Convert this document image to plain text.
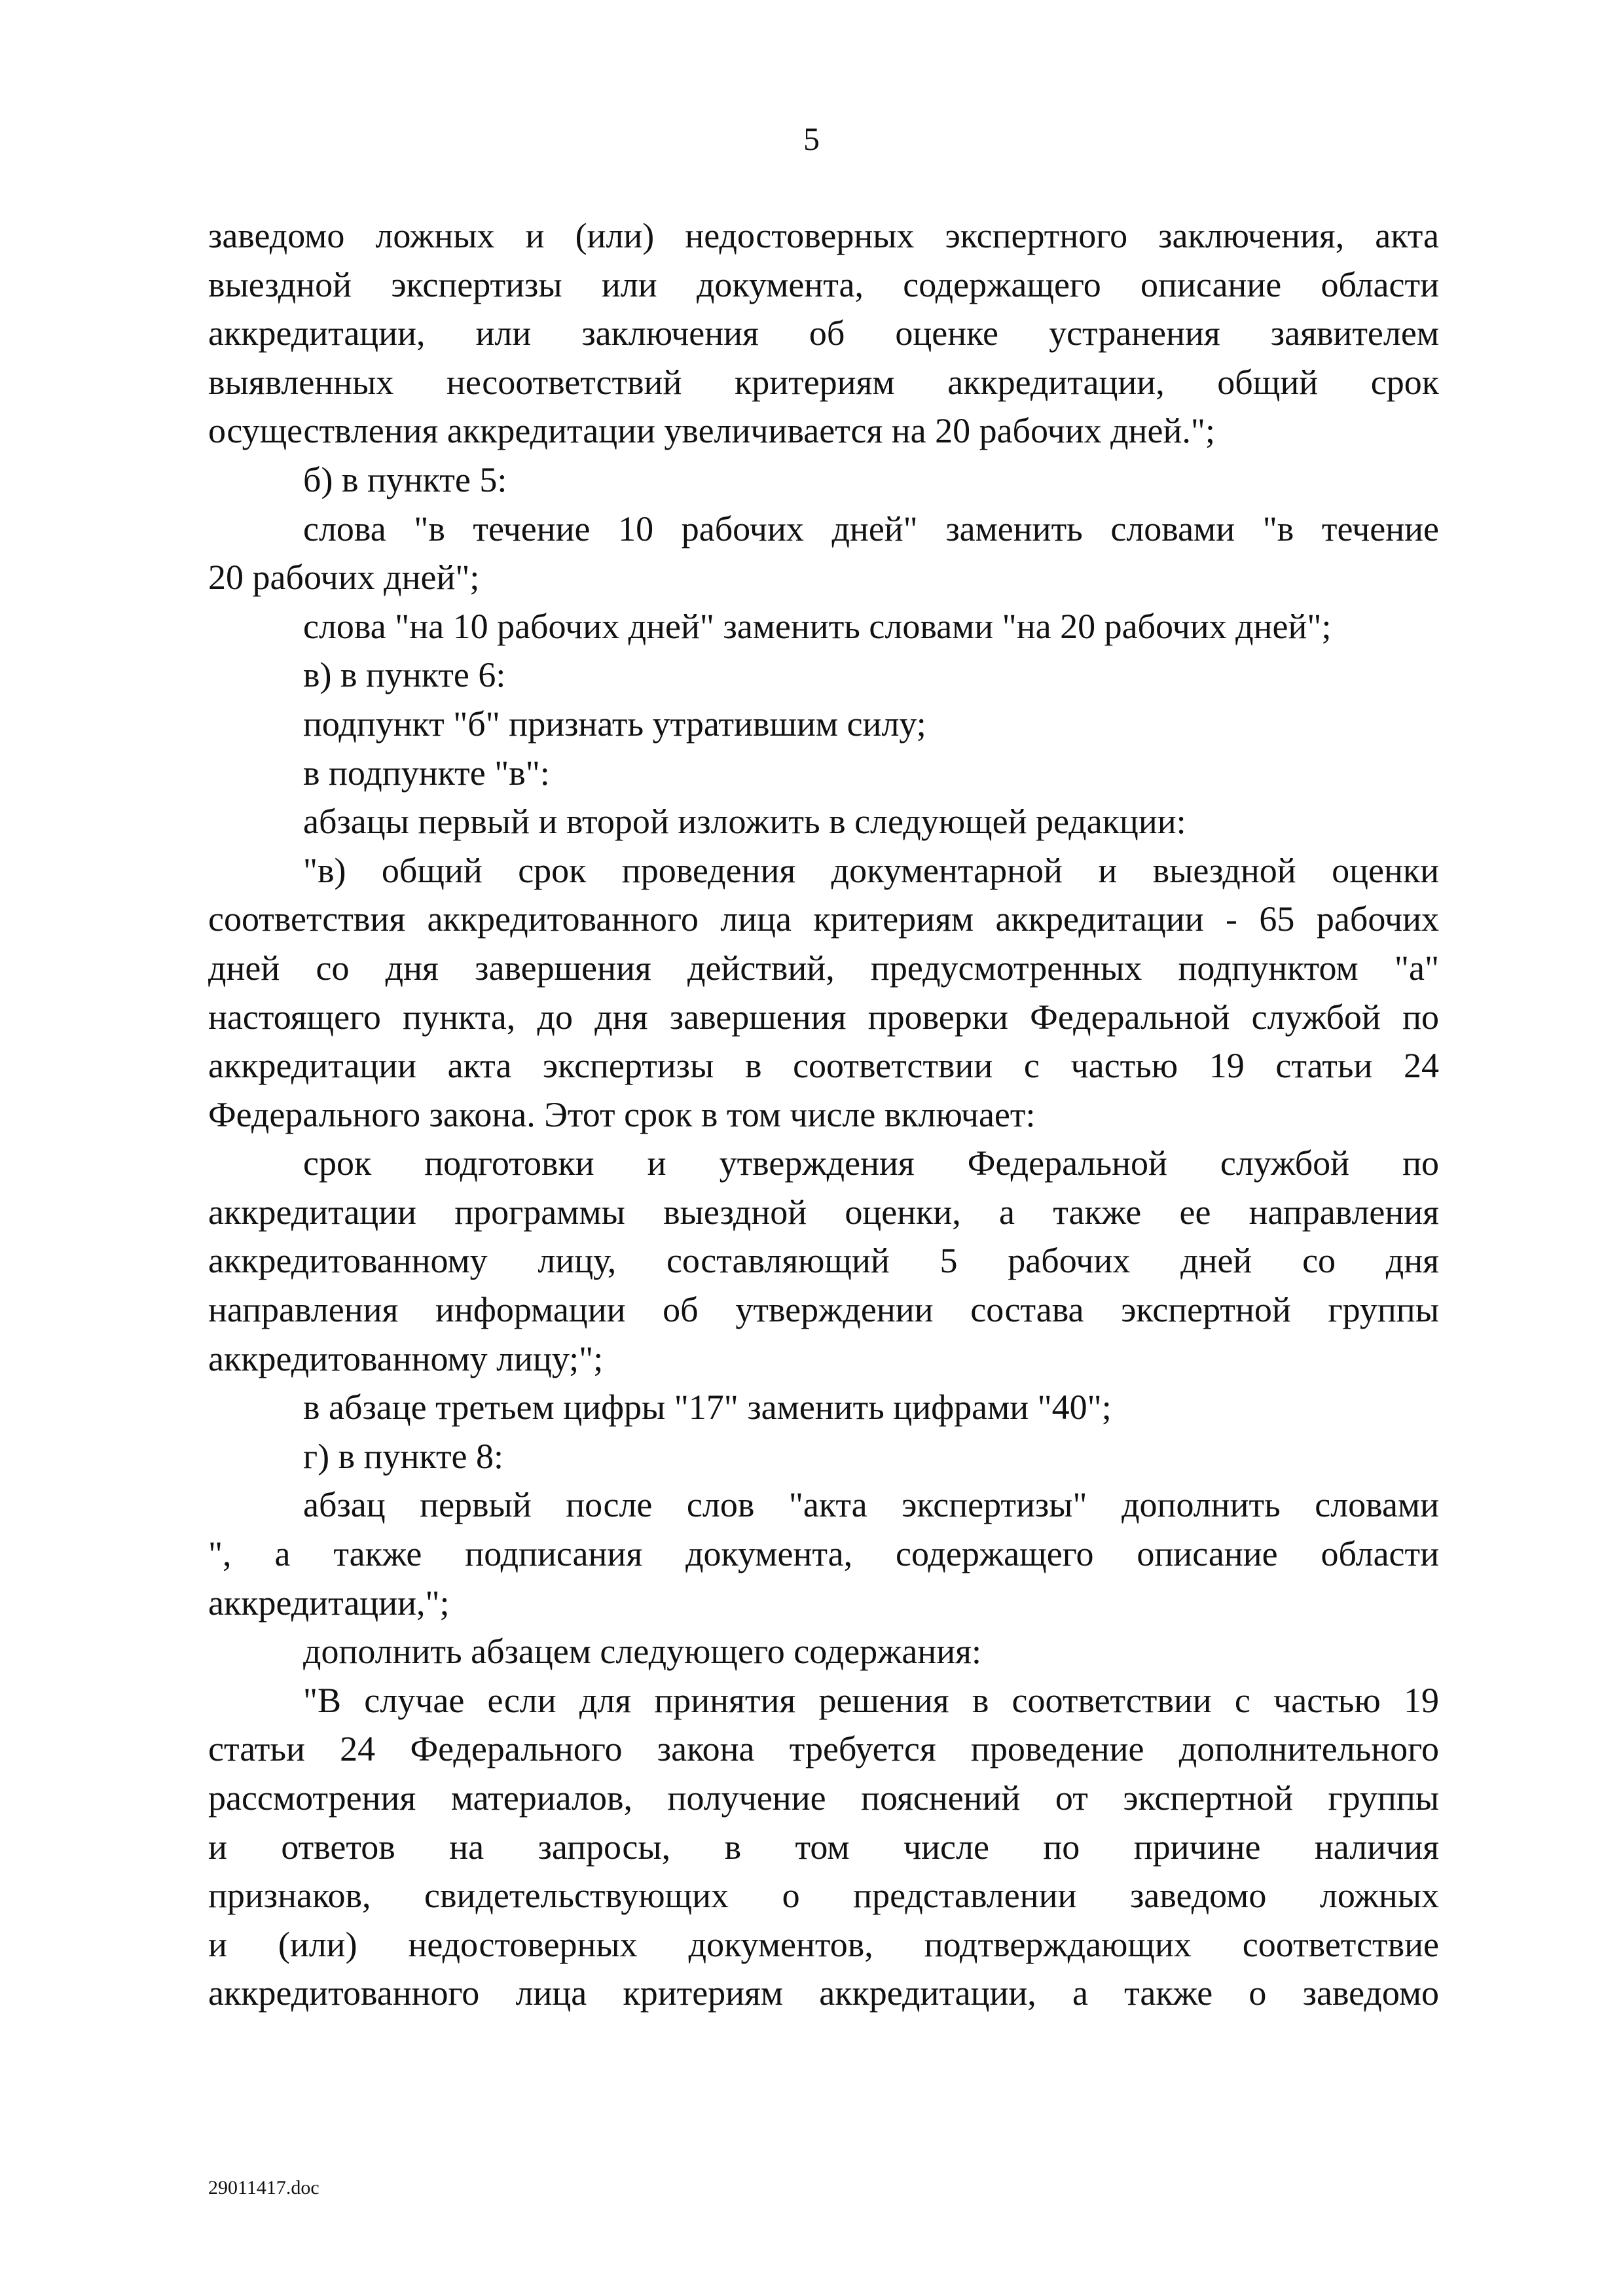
5
заведомо ложных и (или) недостоверных экспертного заключения, акта
выездной экспертизы или документа, содержащего описание области
аккредитации, или заключения об оценке устранения заявителем
выявленных несоответствий критериям аккредитации, общий срок
осуществления аккредитации увеличивается на 20 рабочих дней.";
б) в пункте 5:
слова "в течение 10 рабочих дней" заменить словами "в течение
20 рабочих дней";
слова "на 10 рабочих дней" заменить словами "на 20 рабочих дней";
в) в пункте 6:
подпункт "б" признать утратившим силу;
в подпункте "в":
абзацы первый и второй изложить в следующей редакции:
"в) общий срок проведения документарной и выездной оценки
соответствия аккредитованного лица критериям аккредитации - 65 рабочих
дней со дня завершения действий, предусмотренных подпунктом "а"
настоящего пункта, до дня завершения проверки Федеральной службой по
аккредитации акта экспертизы в соответствии с частью 19 статьи 24
Федерального закона. Этот срок в том числе включает:
срок подготовки и утверждения Федеральной службой по
аккредитации программы выездной оценки, а также ее направления
аккредитованному лицу, составляющий 5 рабочих дней со дня
направления информации об утверждении состава экспертной группы
аккредитованному лицу;";
в абзаце третьем цифры "17" заменить цифрами "40";
г) в пункте 8:
абзац первый после слов "акта экспертизы" дополнить словами
", а также подписания документа, содержащего описание области
аккредитации,";
дополнить абзацем следующего содержания:
"В случае если для принятия решения в соответствии с частью 19
статьи 24 Федерального закона требуется проведение дополнительного
рассмотрения материалов, получение пояснений от экспертной группы
и ответов на запросы, в том числе по причине наличия
признаков, свидетельствующих о представлении заведомо ложных
и (или) недостоверных документов, подтверждающих соответствие
аккредитованного лица критериям аккредитации, а также о заведомо
29011417.doc
